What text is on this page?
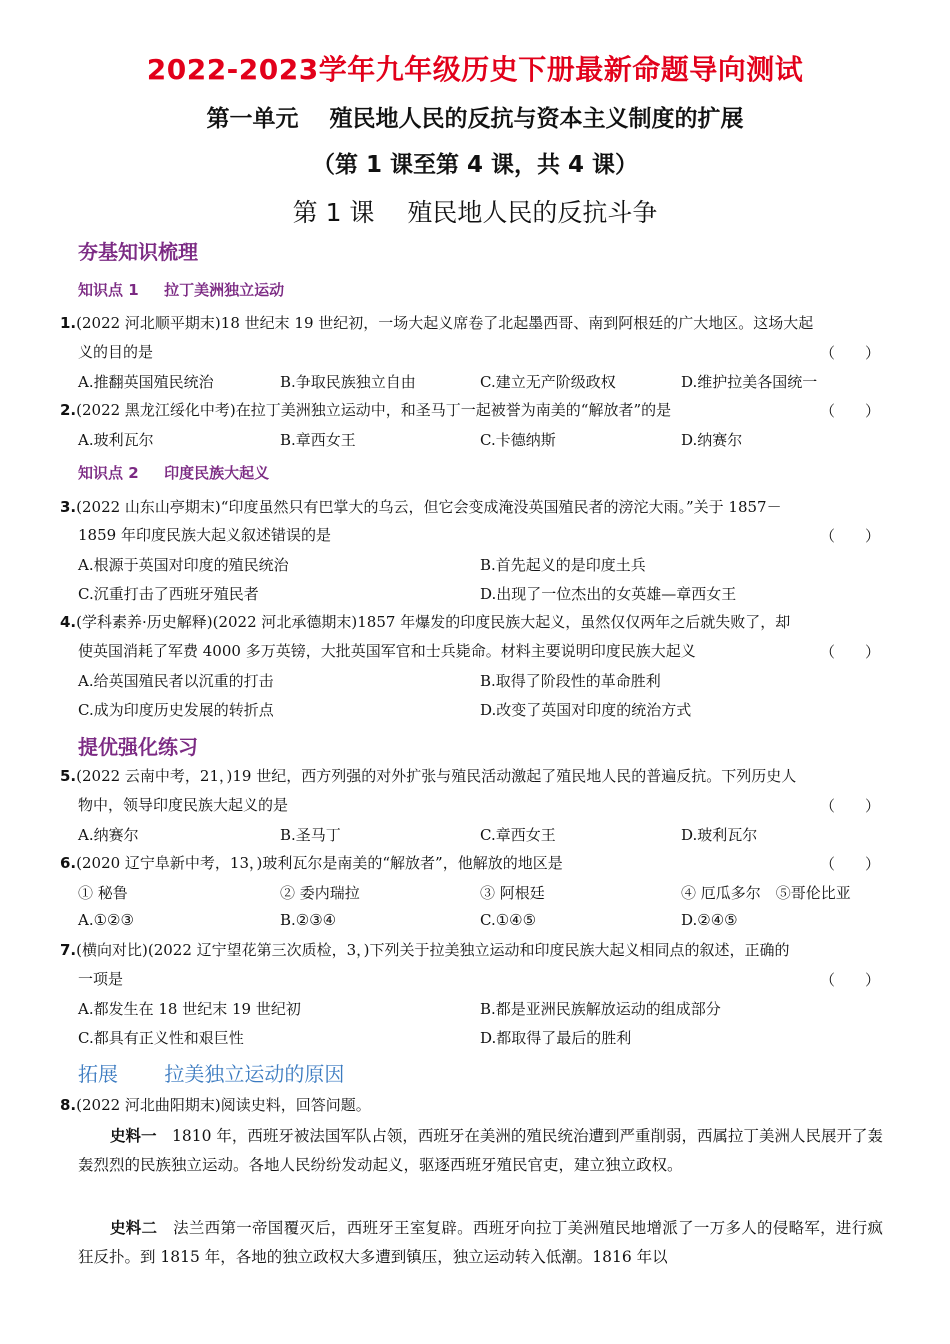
2022-2023学年九年级历史下册最新命题导向测试
第一单元　 殖民地人民的反抗与资本主义制度的扩展
（第 1 课至第 4 课，共 4 课）
第 1 课　 殖民地人民的反抗斗争
夯基知识梳理
知识点 1 　 拉丁美洲独立运动
1.(2022 河北顺平期末)18 世纪末 19 世纪初，一场大起义席卷了北起墨西哥、南到阿根廷的广大地区。这场大起
义的目的是	（　　）
A.推翻英国殖民统治	B.争取民族独立自由	C.建立无产阶级政权	D.维护拉美各国统一
2.(2022 黑龙江绥化中考)在拉丁美洲独立运动中，和圣马丁一起被誉为南美的“解放者”的是	（　　）
A.玻利瓦尔	B.章西女王	C.卡德纳斯	D.纳赛尔
知识点 2 　 印度民族大起义
3.(2022 山东山亭期末)“印度虽然只有巴掌大的乌云，但它会变成淹没英国殖民者的滂沱大雨。”关于 1857－
1859 年印度民族大起义叙述错误的是	（　　）
A.根源于英国对印度的殖民统治	B.首先起义的是印度土兵
C.沉重打击了西班牙殖民者	D.出现了一位杰出的女英雄—章西女王
4.(学科素养·历史解释)(2022 河北承德期末)1857 年爆发的印度民族大起义，虽然仅仅两年之后就失败了，却
使英国消耗了军费 4000 多万英镑，大批英国军官和士兵毙命。材料主要说明印度民族大起义	（　　）
A.给英国殖民者以沉重的打击	B.取得了阶段性的革命胜利
C.成为印度历史发展的转折点	D.改变了英国对印度的统治方式
提优强化练习
5.(2022 云南中考，21，)19 世纪，西方列强的对外扩张与殖民活动激起了殖民地人民的普遍反抗。下列历史人
物中，领导印度民族大起义的是	（　　）
A.纳赛尔	B.圣马丁	C.章西女王	D.玻利瓦尔
6.(2020 辽宁阜新中考，13，)玻利瓦尔是南美的“解放者”，他解放的地区是	（　　）
① 秘鲁	② 委内瑞拉	③ 阿根廷	④ 厄瓜多尔　⑤哥伦比亚
A.①②③	B.②③④	C.①④⑤	D.②④⑤
7.(横向对比)(2022 辽宁望花第三次质检，3，)下列关于拉美独立运动和印度民族大起义相同点的叙述，正确的
一项是	（　　）
A.都发生在 18 世纪末 19 世纪初	B.都是亚洲民族解放运动的组成部分
C.都具有正义性和艰巨性	D.都取得了最后的胜利
拓展　　 拉美独立运动的原因
8.(2022 河北曲阳期末)阅读史料，回答问题。
史料一　1810 年，西班牙被法国军队占领，西班牙在美洲的殖民统治遭到严重削弱，西属拉丁美洲人民展开了轰轰烈烈的民族独立运动。各地人民纷纷发动起义，驱逐西班牙殖民官吏，建立独立政权。
史料二　法兰西第一帝国覆灭后，西班牙王室复辟。西班牙向拉丁美洲殖民地增派了一万多人的侵略军，进行疯狂反扑。到 1815 年，各地的独立政权大多遭到镇压，独立运动转入低潮。1816 年以
